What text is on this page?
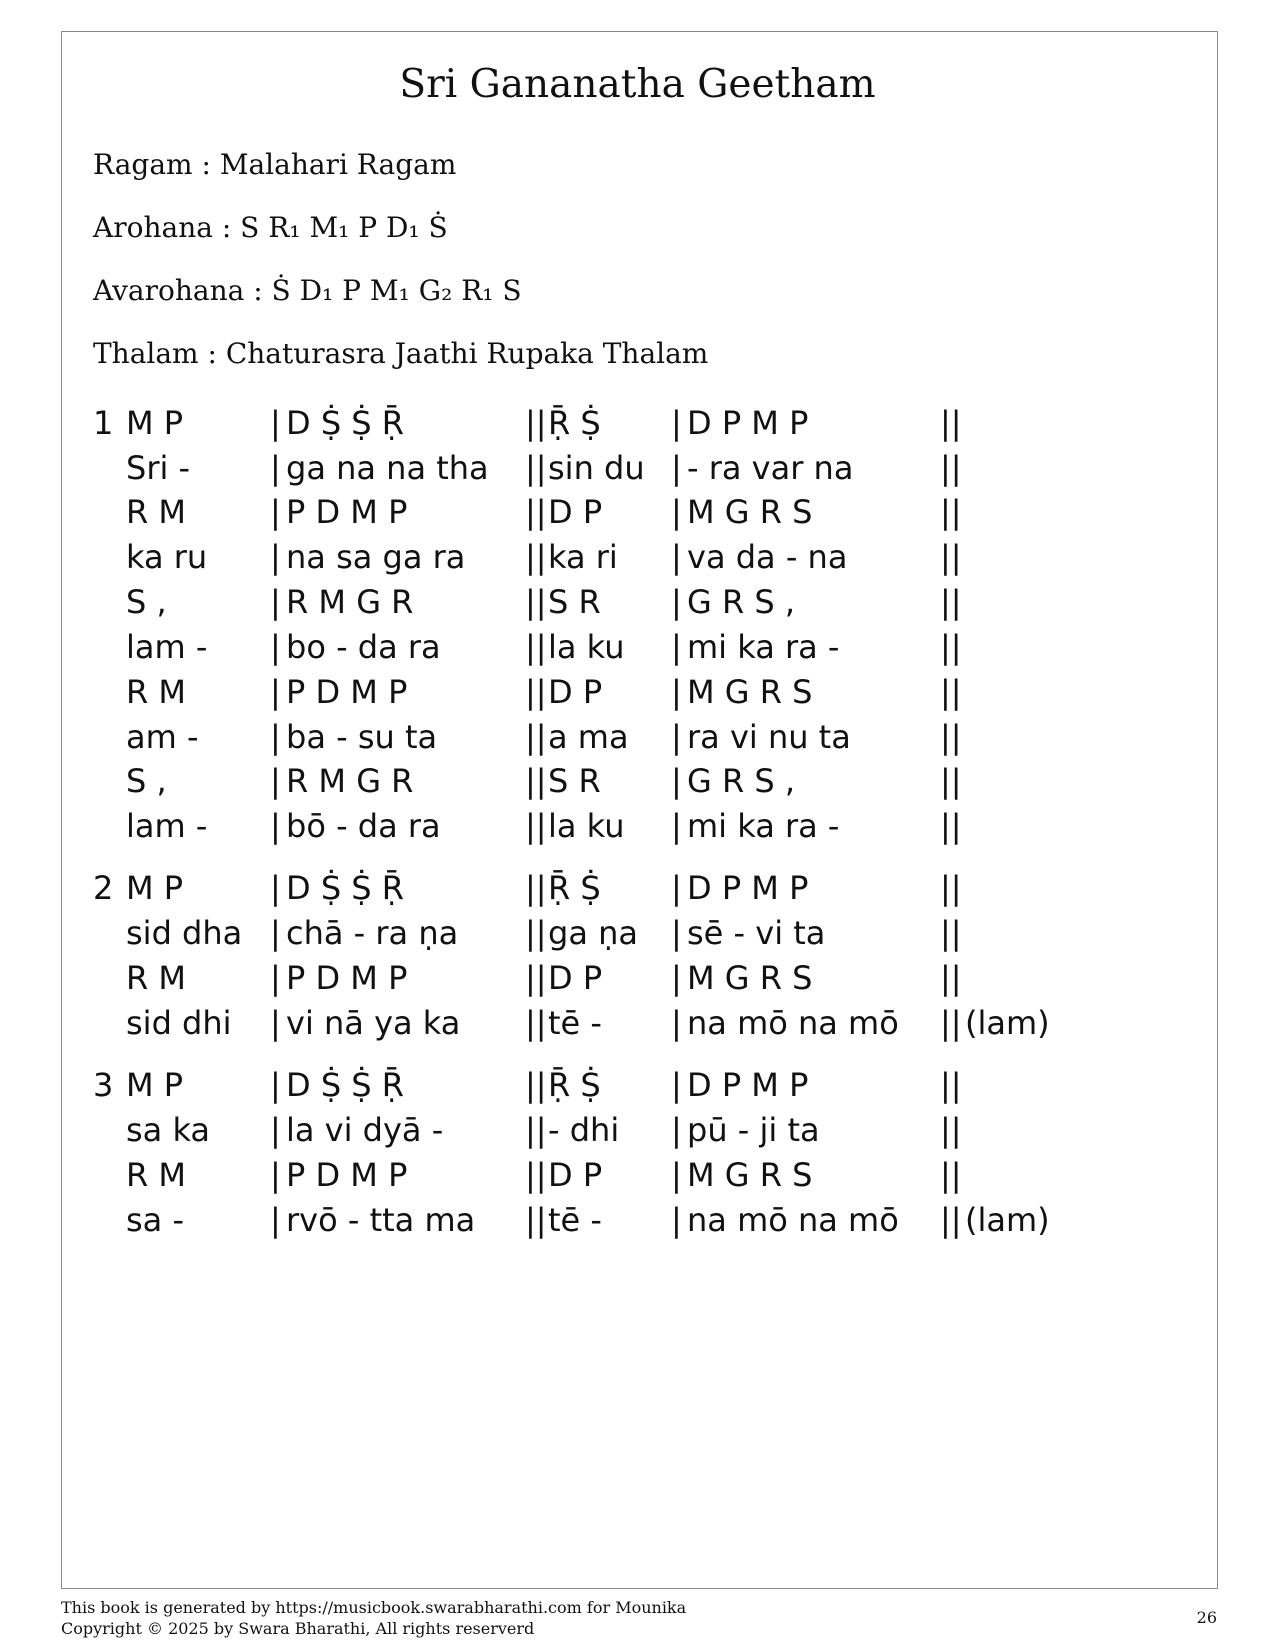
Sri Gananatha Geetham

Ragam : Malahari Ragam

Arohana : S R₁ M₁ P D₁ Ṡ

Avarohana : Ṡ D₁ P M₁ G₂ R₁ S

Thalam : Chaturasra Jaathi Rupaka Thalam

1 M P	| D Ṩ Ṩ Ṝ	|| Ṝ Ṩ | D P M P	||
Sri - | ga na na tha || sin du | - ra var na	||
R M	| P D M P	|| D P | M G R S	||
ka ru | na sa ga ra || ka ri | va da - na	||
S ,	| R M G R	|| S R | G R S ,	||
lam - | bo - da ra	|| la ku | mi ka ra -	||
R M	| P D M P	|| D P | M G R S	||
am - | ba - su ta	|| a ma | ra vi nu ta	||
S ,	| R M G R	|| S R | G R S ,	||
lam - | bō - da ra	|| la ku | mi ka ra -	||
2 M P	| D Ṩ Ṩ Ṝ	|| Ṝ Ṩ | D P M P	||
sid dha | chā - ra ṇa || ga ṇa | sē - vi ta	||
R M	| P D M P	|| D P | M G R S	||
sid dhi | vi nā ya ka || tē - | na mō na mō || (lam)
3 M P	| D Ṩ Ṩ Ṝ	|| Ṝ Ṩ | D P M P	||
sa ka | la vi dyā -	|| - dhi | pū - ji ta	||
R M	| P D M P	|| D P | M G R S	||
sa -	| rvō - tta ma || tē - | na mō na mō || (lam)

This book is generated by https://musicbook.swarabharathi.com for Mounika
Copyright © 2025 by Swara Bharathi, All rights reserverd

26
